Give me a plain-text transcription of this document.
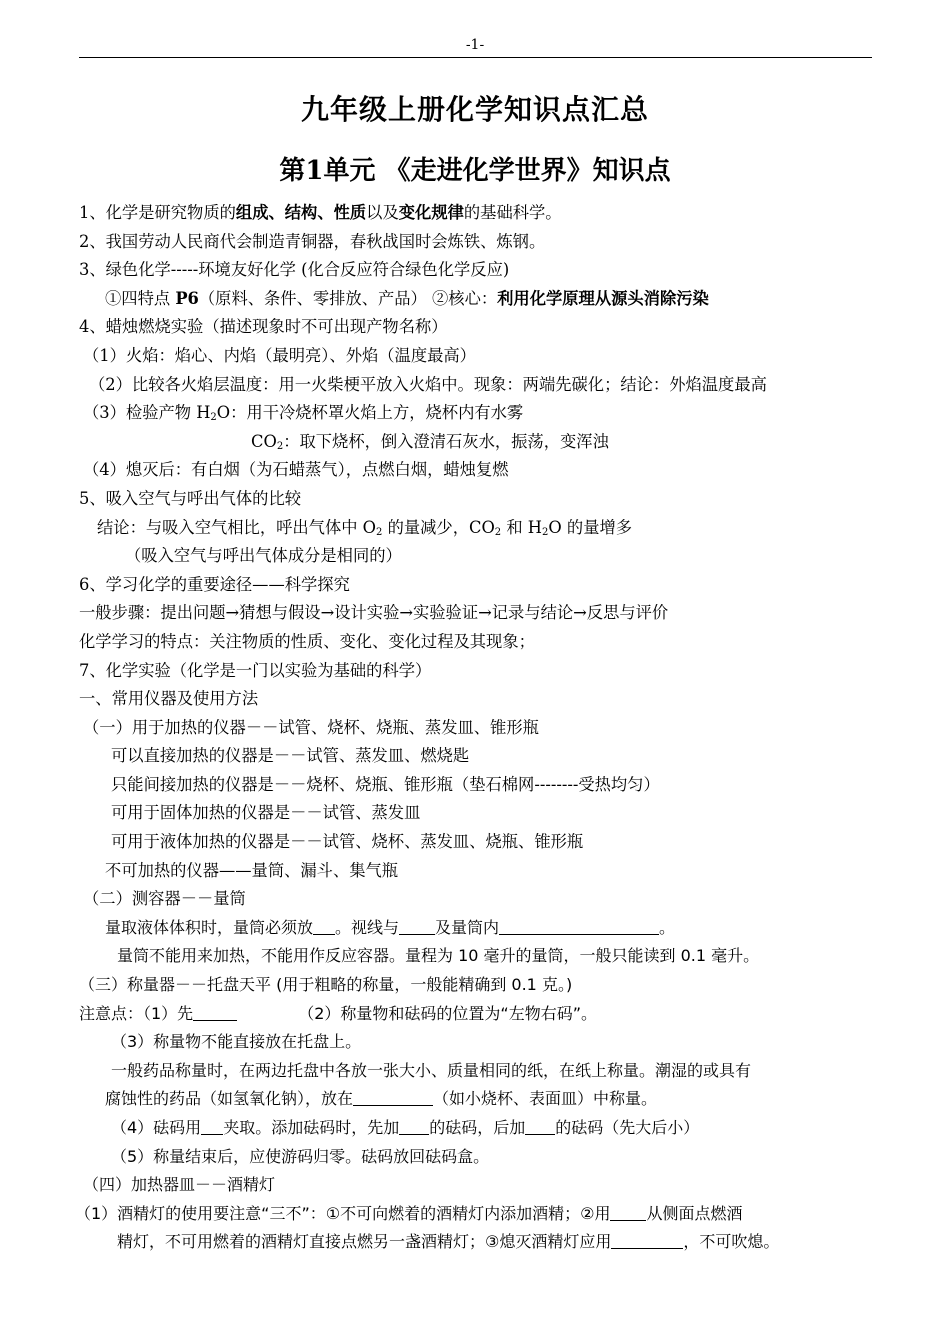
-1-
九年级上册化学知识点汇总
第1单元 《走进化学世界》知识点
1、化学是研究物质的组成、结构、性质以及变化规律的基础科学。
2、我国劳动人民商代会制造青铜器，春秋战国时会炼铁、炼钢。
3、绿色化学-----环境友好化学 (化合反应符合绿色化学反应)
①四特点 P6（原料、条件、零排放、产品） ②核心：利用化学原理从源头消除污染
4、蜡烛燃烧实验（描述现象时不可出现产物名称）
（1）火焰：焰心、内焰（最明亮）、外焰（温度最高）
（2）比较各火焰层温度：用一火柴梗平放入火焰中。现象：两端先碳化；结论：外焰温度最高
（3）检验产物 $H_2O$：用干冷烧杯罩火焰上方，烧杯内有水雾
$CO_2$：取下烧杯，倒入澄清石灰水，振荡，变浑浊
（4）熄灭后：有白烟（为石蜡蒸气），点燃白烟，蜡烛复燃
5、吸入空气与呼出气体的比较
结论：与吸入空气相比，呼出气体中 $O_2$ 的量减少，$CO_2$ 和 $H_2O$ 的量增多
（吸入空气与呼出气体成分是相同的）
6、学习化学的重要途径——科学探究
一般步骤：提出问题→猜想与假设→设计实验→实验验证→记录与结论→反思与评价
化学学习的特点：关注物质的性质、变化、变化过程及其现象；
7、化学实验（化学是一门以实验为基础的科学）
一、常用仪器及使用方法
（一）用于加热的仪器－－试管、烧杯、烧瓶、蒸发皿、锥形瓶
可以直接加热的仪器是－－试管、蒸发皿、燃烧匙
只能间接加热的仪器是－－烧杯、烧瓶、锥形瓶（垫石棉网--------受热均匀）
可用于固体加热的仪器是－－试管、蒸发皿
可用于液体加热的仪器是－－试管、烧杯、蒸发皿、烧瓶、锥形瓶
不可加热的仪器——量筒、漏斗、集气瓶
（二）测容器－－量筒
量取液体体积时，量筒必须放 。视线与 及量筒内	。
量筒不能用来加热，不能用作反应容器。量程为 10 毫升的量筒，一般只能读到 0.1 毫升。
（三）称量器－－托盘天平 (用于粗略的称量，一般能精确到 0.1 克。)
注意点：（1）先	（2）称量物和砝码的位置为“左物右码”。
（3）称量物不能直接放在托盘上。
一般药品称量时，在两边托盘中各放一张大小、质量相同的纸，在纸上称量。潮湿的或具有
腐蚀性的药品（如氢氧化钠），放在	（如小烧杯、表面皿）中称量。
（4）砝码用 夹取。添加砝码时，先加 的砝码，后加 的砝码（先大后小）
（5）称量结束后，应使游码归零。砝码放回砝码盒。
（四）加热器皿－－酒精灯
（1）酒精灯的使用要注意“三不”：①不可向燃着的酒精灯内添加酒精；②用 从侧面点燃酒
精灯，不可用燃着的酒精灯直接点燃另一盏酒精灯；③熄灭酒精灯应用	，不可吹熄。
